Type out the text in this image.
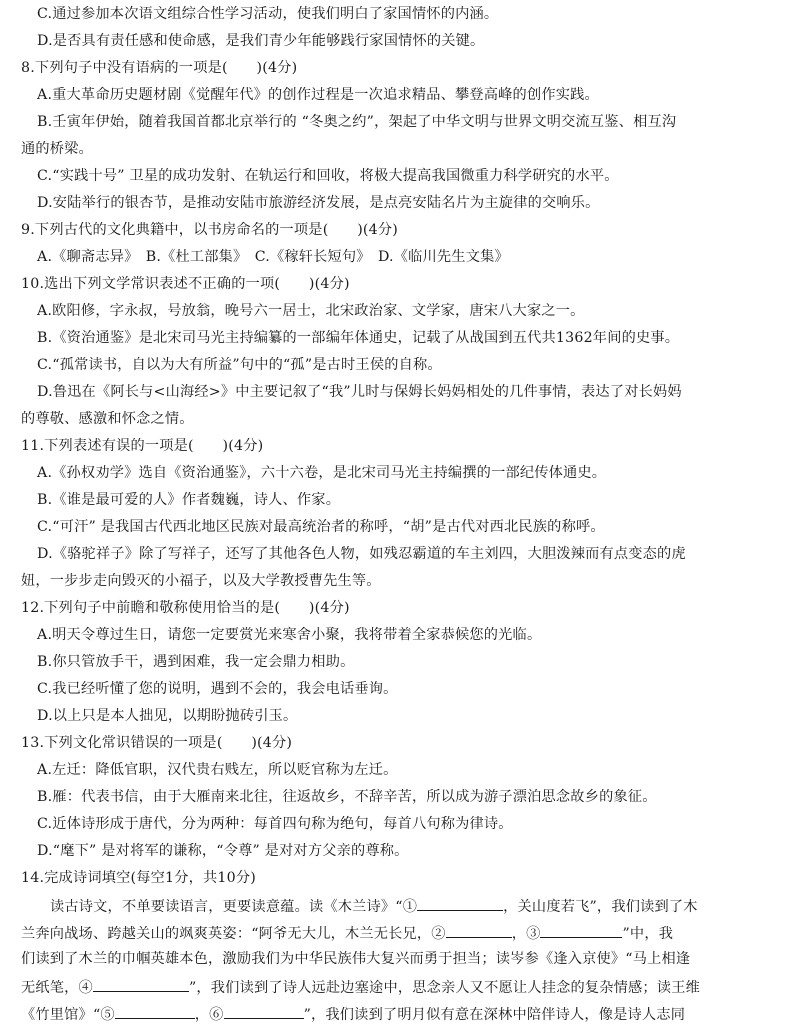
C.通过参加本次语文组综合性学习活动，使我们明白了家国情怀的内涵。
D.是否具有责任感和使命感，是我们青少年能够践行家国情怀的关键。
8.下列句子中没有语病的一项是(　　)(4分)
A.重大革命历史题材剧《觉醒年代》的创作过程是一次追求精品、攀登高峰的创作实践。
B.壬寅年伊始，随着我国首都北京举行的 “冬奥之约”，架起了中华文明与世界文明交流互鉴、相互沟
通的桥梁。
C.“实践十号” 卫星的成功发射、在轨运行和回收，将极大提高我国微重力科学研究的水平。
D.安陆举行的银杏节，是推动安陆市旅游经济发展，是点亮安陆名片为主旋律的交响乐。
9.下列古代的文化典籍中，以书房命名的一项是(　　)(4分)
A.《聊斋志异》　B.《杜工部集》　C.《稼轩长短句》　D.《临川先生文集》
10.选出下列文学常识表述不正确的一项(　　)(4分)
A.欧阳修，字永叔，号放翁，晚号六一居士，北宋政治家、文学家，唐宋八大家之一。
B.《资治通鉴》是北宋司马光主持编纂的一部编年体通史，记载了从战国到五代共1362年间的史事。
C.“孤常读书，自以为大有所益”句中的“孤”是古时王侯的自称。
D.鲁迅在《阿长与<山海经>》中主要记叙了“我”儿时与保姆长妈妈相处的几件事情，表达了对长妈妈
的尊敬、感激和怀念之情。
11.下列表述有误的一项是(　　)(4分)
A.《孙权劝学》选自《资治通鉴》，六十六卷，是北宋司马光主持编撰的一部纪传体通史。
B.《谁是最可爱的人》作者魏巍，诗人、作家。
C.“可汗” 是我国古代西北地区民族对最高统治者的称呼，“胡”是古代对西北民族的称呼。
D.《骆驼祥子》除了写祥子，还写了其他各色人物，如残忍霸道的车主刘四，大胆泼辣而有点变态的虎
妞，一步步走向毁灭的小福子，以及大学教授曹先生等。
12.下列句子中前瞻和敬称使用恰当的是(　　)(4分)
A.明天令尊过生日，请您一定要赏光来寒舍小聚，我将带着全家恭候您的光临。
B.你只管放手干，遇到困难，我一定会鼎力相助。
C.我已经听懂了您的说明，遇到不会的，我会电话垂询。
D.以上只是本人拙见，以期盼抛砖引玉。
13.下列文化常识错误的一项是(　　)(4分)
A.左迁：降低官职，汉代贵右贱左，所以贬官称为左迁。
B.雁：代表书信，由于大雁南来北往，往返故乡，不辞辛苦，所以成为游子漂泊思念故乡的象征。
C.近体诗形成于唐代，分为两种：每首四句称为绝句，每首八句称为律诗。
D.“麾下” 是对将军的谦称，“令尊” 是对对方父亲的尊称。
14.完成诗词填空(每空1分，共10分)
读古诗文，不单要读语言，更要读意蕴。读《木兰诗》“①	，关山度若飞”，我们读到了木
兰奔向战场、跨越关山的飒爽英姿：“阿爷无大儿，木兰无长兄，②	，③	”中，我
们读到了木兰的巾帼英雄本色，激励我们为中华民族伟大复兴而勇于担当；读岑参《逢入京使》“马上相逢
无纸笔，④	”，我们读到了诗人远赴边塞途中，思念亲人又不愿让人挂念的复杂情感；读王维
《竹里馆》“⑤	，⑥	”，我们读到了明月似有意在深林中陪伴诗人，像是诗人志同
